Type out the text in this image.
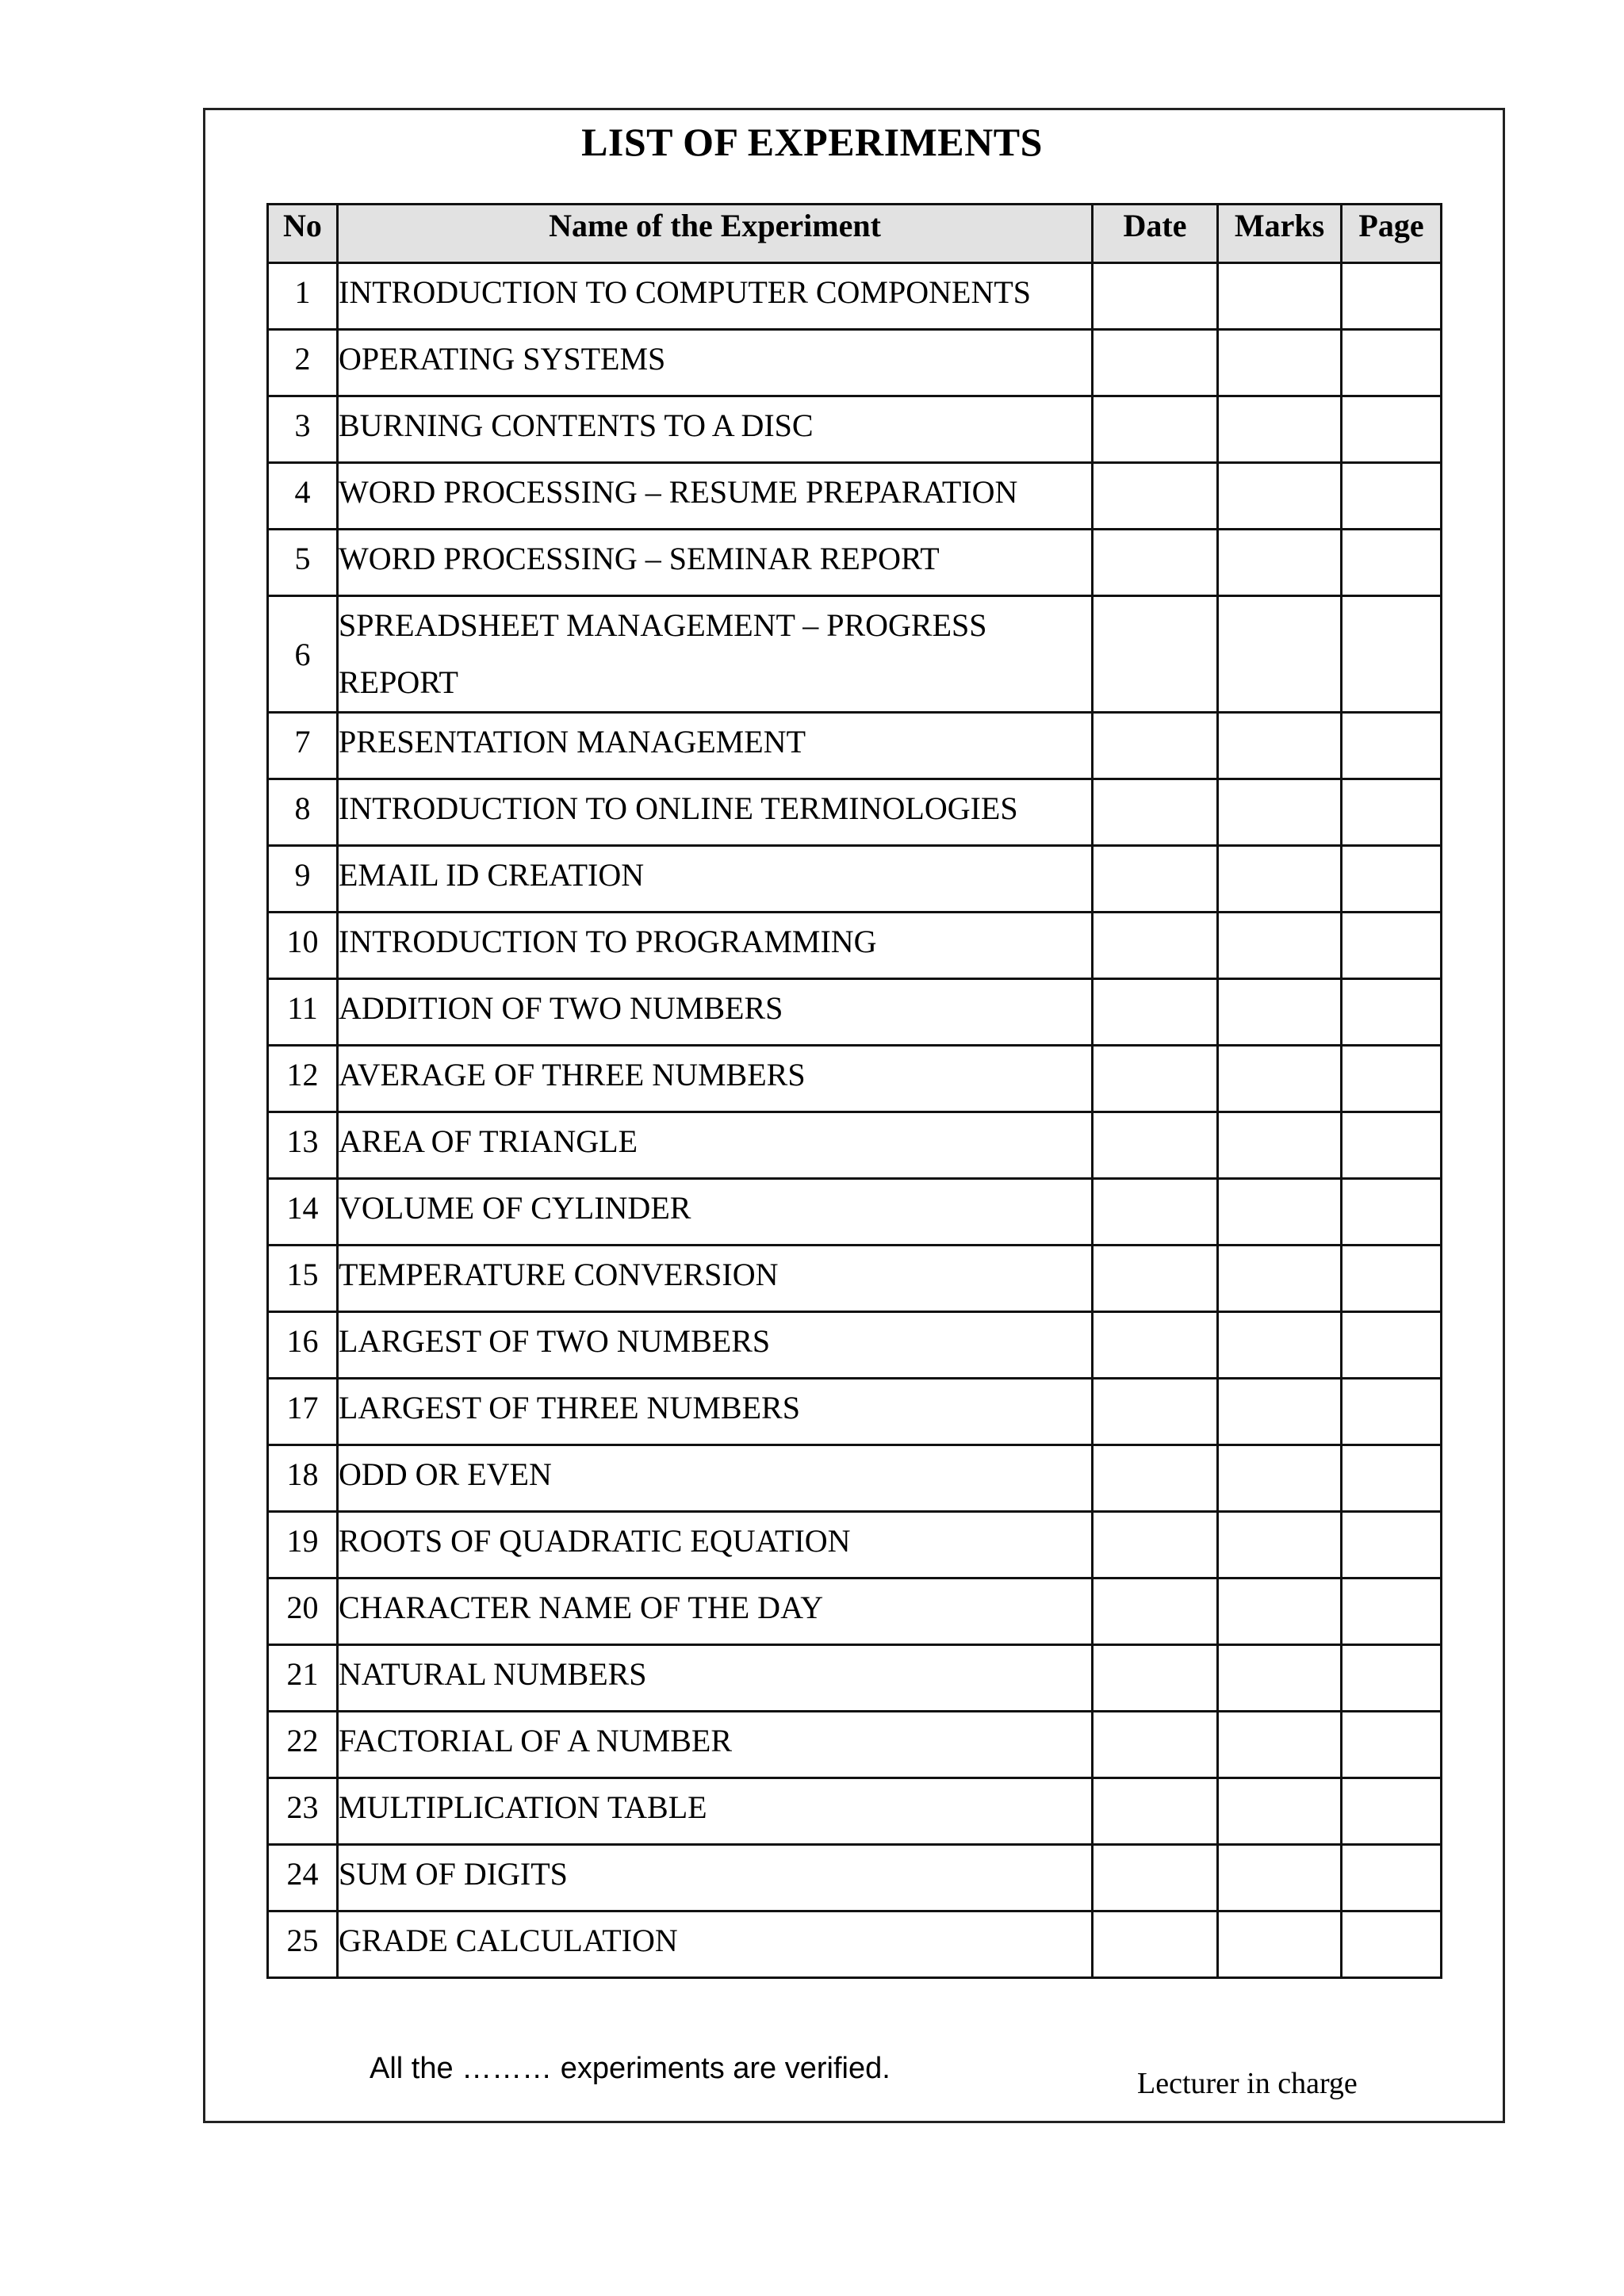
LIST OF EXPERIMENTS
No	Name of the Experiment	Date	Marks	Page
1	INTRODUCTION TO COMPUTER COMPONENTS			
2	OPERATING SYSTEMS			
3	BURNING CONTENTS TO A DISC			
4	WORD PROCESSING – RESUME PREPARATION			
5	WORD PROCESSING – SEMINAR REPORT			
6	SPREADSHEET MANAGEMENT – PROGRESS REPORT			
7	PRESENTATION MANAGEMENT			
8	INTRODUCTION TO ONLINE TERMINOLOGIES			
9	EMAIL ID CREATION			
10	INTRODUCTION TO PROGRAMMING			
11	ADDITION OF TWO NUMBERS			
12	AVERAGE OF THREE NUMBERS			
13	AREA OF TRIANGLE			
14	VOLUME OF CYLINDER			
15	TEMPERATURE CONVERSION			
16	LARGEST OF TWO NUMBERS			
17	LARGEST OF THREE NUMBERS			
18	ODD OR EVEN			
19	ROOTS OF QUADRATIC EQUATION			
20	CHARACTER NAME OF THE DAY			
21	NATURAL NUMBERS			
22	FACTORIAL OF A NUMBER			
23	MULTIPLICATION TABLE			
24	SUM OF DIGITS			
25	GRADE CALCULATION			
All the ……… experiments are verified.	Lecturer in charge
